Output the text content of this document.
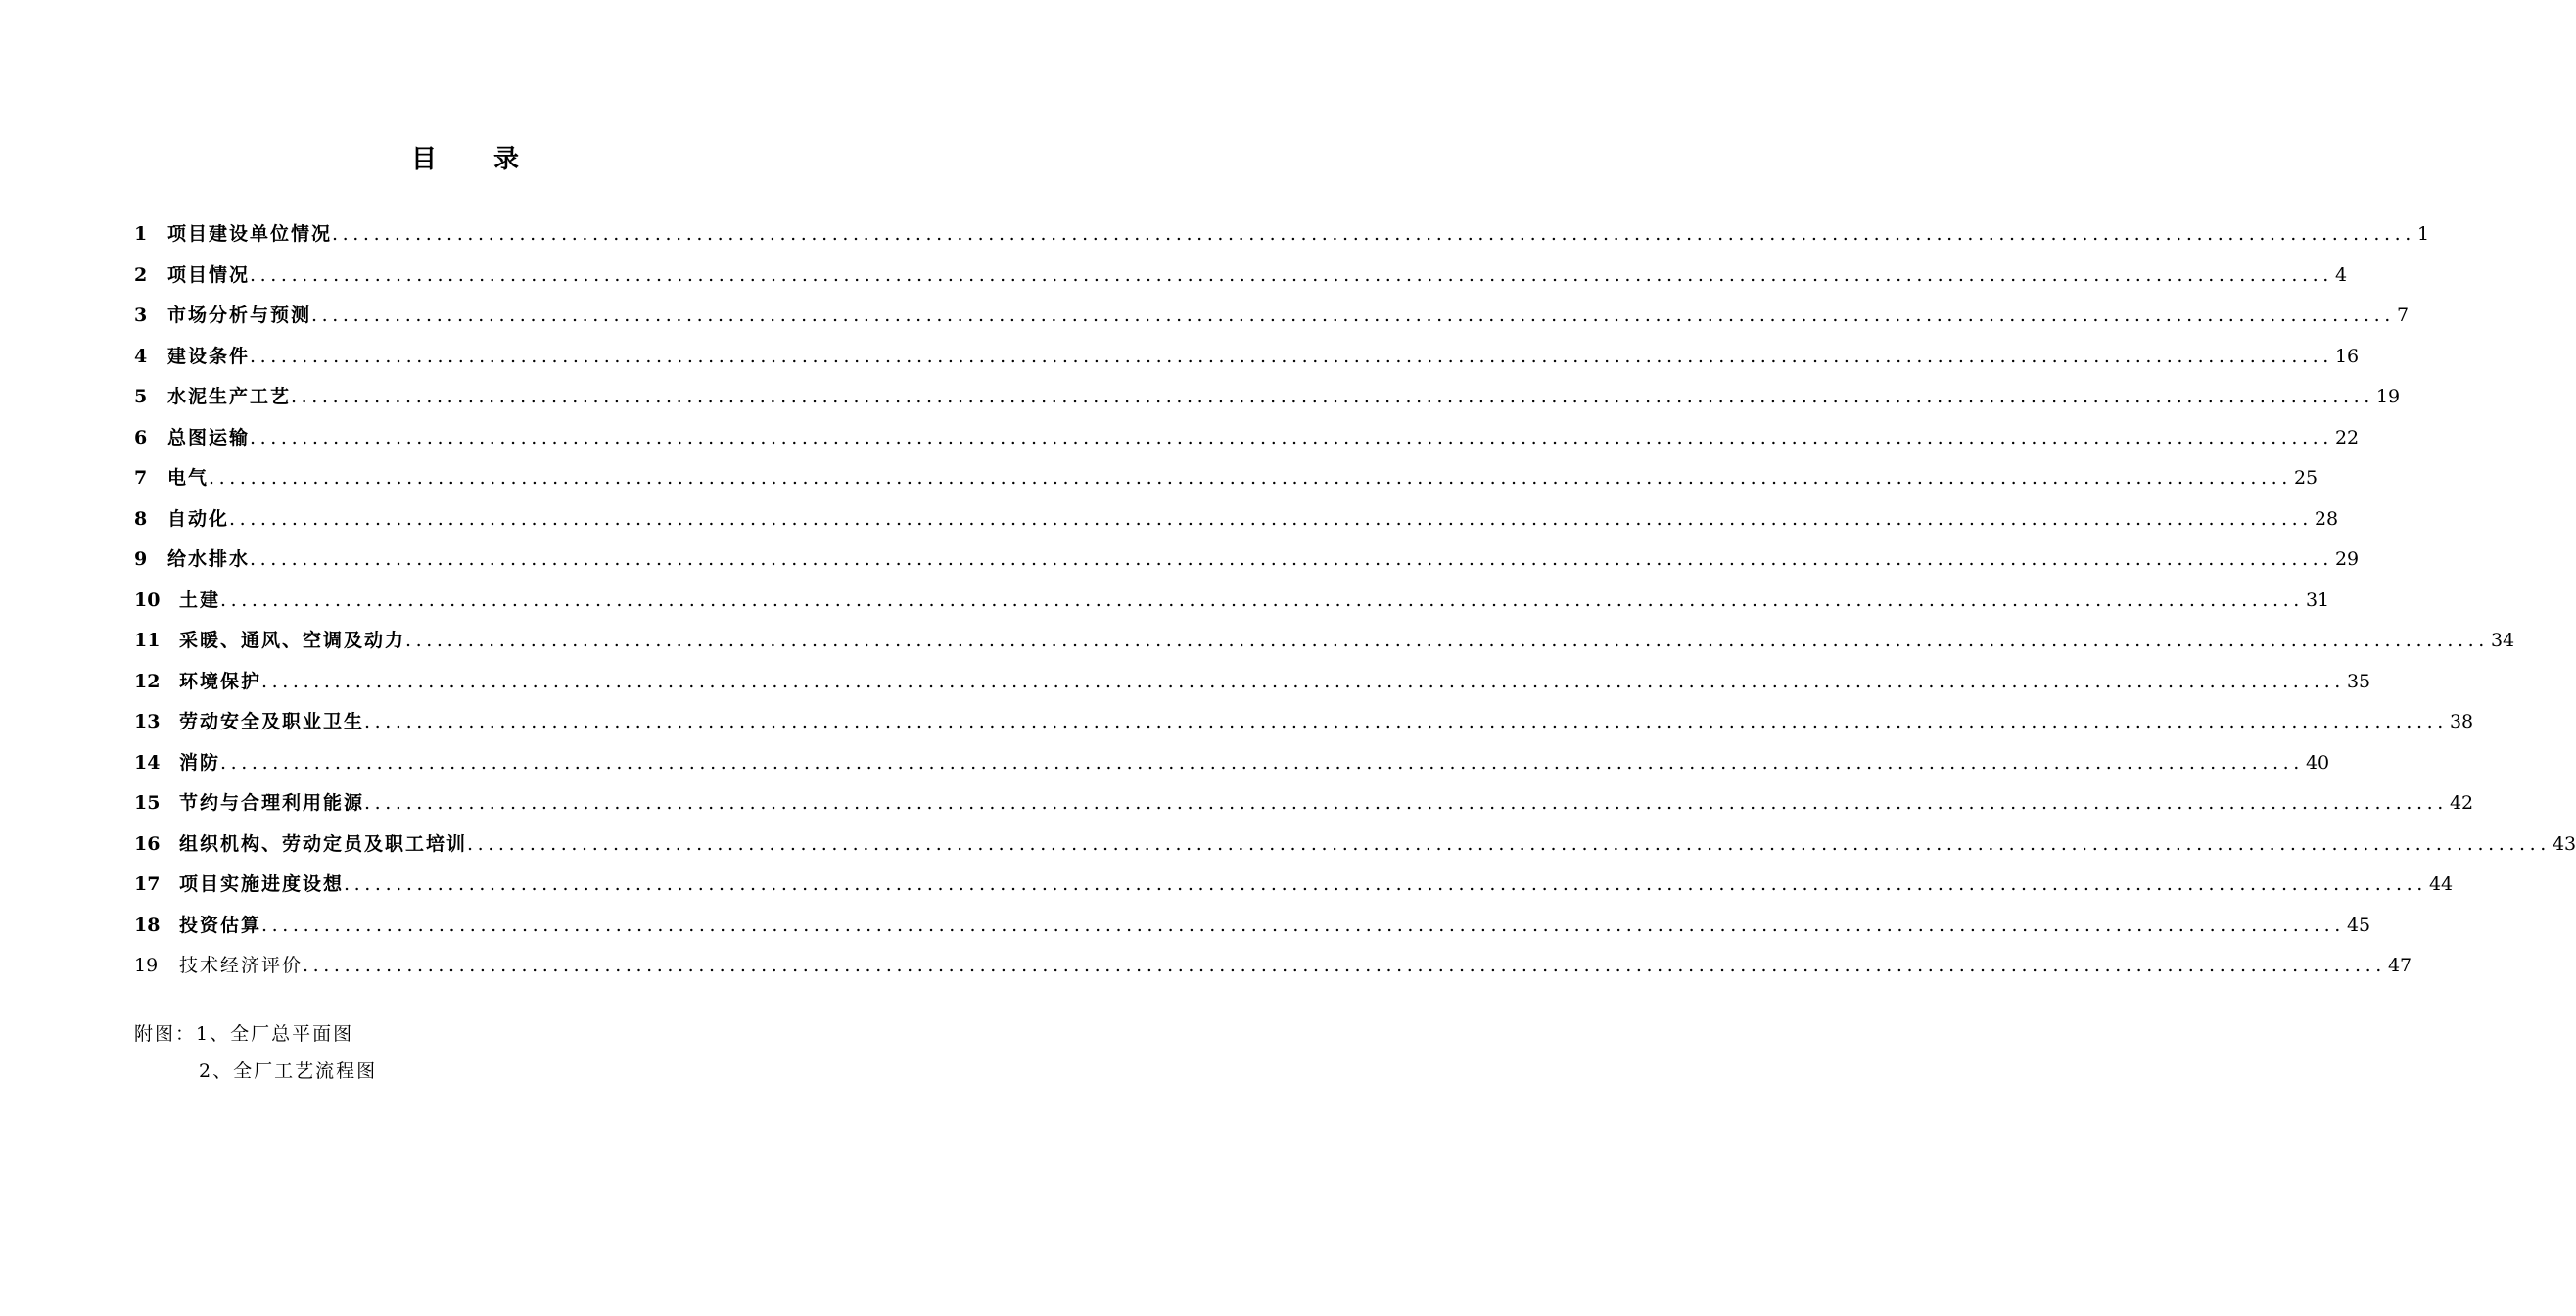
目 录
1	项目建设单位情况 ........................................................................................................................................................................................................ 1
2	项目情况 ........................................................................................................................................................................................................ 4
3	市场分析与预测 ........................................................................................................................................................................................................ 7
4	建设条件 ........................................................................................................................................................................................................ 16
5	水泥生产工艺 ........................................................................................................................................................................................................ 19
6	总图运输 ........................................................................................................................................................................................................ 22
7	电气 ........................................................................................................................................................................................................ 25
8	自动化 ........................................................................................................................................................................................................ 28
9	给水排水 ........................................................................................................................................................................................................ 29
10	土建 ........................................................................................................................................................................................................ 31
11	采暖、通风、空调及动力 ........................................................................................................................................................................................................ 34
12	环境保护 ........................................................................................................................................................................................................ 35
13	劳动安全及职业卫生 ........................................................................................................................................................................................................ 38
14	消防 ........................................................................................................................................................................................................ 40
15	节约与合理利用能源 ........................................................................................................................................................................................................ 42
16	组织机构、劳动定员及职工培训 ........................................................................................................................................................................................................ 43
17	项目实施进度设想 ........................................................................................................................................................................................................ 44
18	投资估算 ........................................................................................................................................................................................................ 45
19	技术经济评价 ........................................................................................................................................................................................................ 47
附图：1、全厂总平面图
2、全厂工艺流程图
